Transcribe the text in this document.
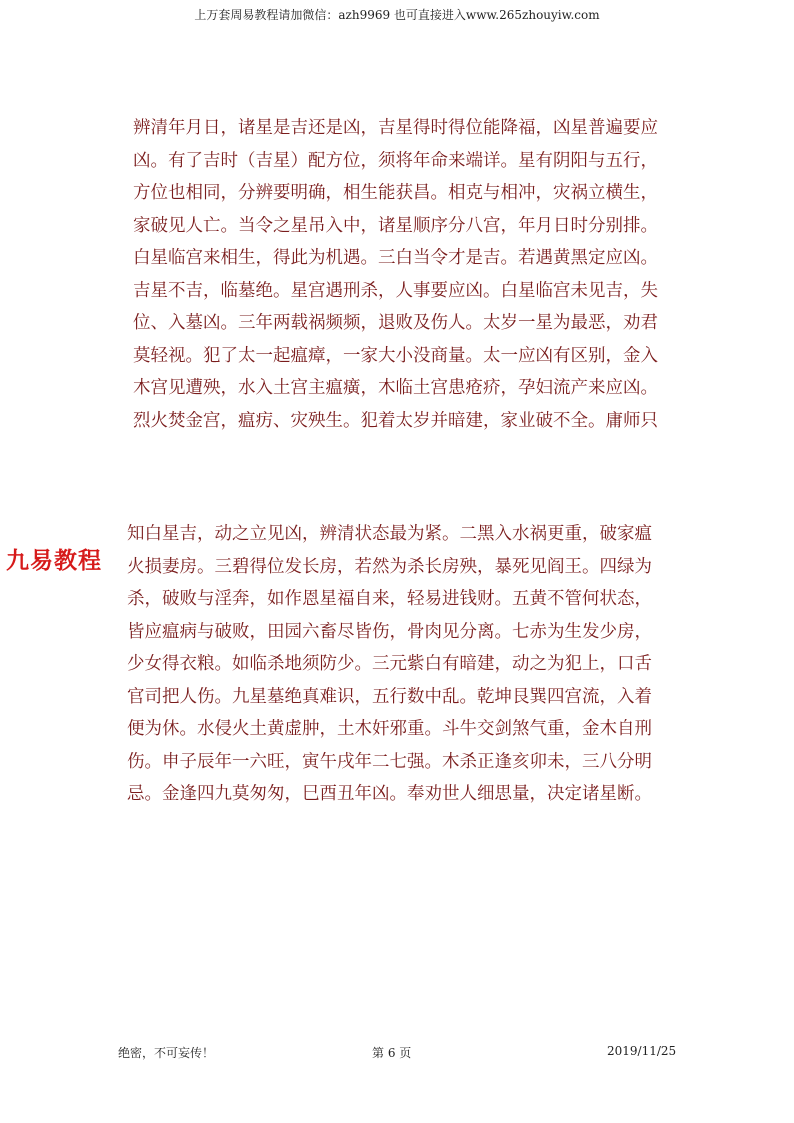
上万套周易教程请加微信：azh9969 也可直接进入www.265zhouyiw.com
九易教程
辨清年月日，诸星是吉还是凶，吉星得时得位能降福，凶星普遍要应
凶。有了吉时（吉星）配方位，须将年命来端详。星有阴阳与五行，
方位也相同，分辨要明确，相生能获昌。相克与相冲，灾祸立横生，
家破见人亡。当令之星吊入中，诸星顺序分八宫，年月日时分别排。
白星临宫来相生，得此为机遇。三白当令才是吉。若遇黄黑定应凶。
吉星不吉，临墓绝。星宫遇刑杀，人事要应凶。白星临宫未见吉，失
位、入墓凶。三年两载祸频频，退败及伤人。太岁一星为最恶，劝君
莫轻视。犯了太一起瘟瘴，一家大小没商量。太一应凶有区别，金入
木宫见遭殃，水入土宫主瘟癀，木临土宫患疮疥，孕妇流产来应凶。
烈火焚金宫，瘟疠、灾殃生。犯着太岁并暗建，家业破不全。庸师只
知白星吉，动之立见凶，辨清状态最为紧。二黑入水祸更重，破家瘟
火损妻房。三碧得位发长房，若然为杀长房殃，暴死见阎王。四绿为
杀，破败与淫奔，如作恩星福自来，轻易进钱财。五黄不管何状态，
皆应瘟病与破败，田园六畜尽皆伤，骨肉见分离。七赤为生发少房，
少女得衣粮。如临杀地须防少。三元紫白有暗建，动之为犯上，口舌
官司把人伤。九星墓绝真难识，五行数中乱。乾坤艮巽四宫流，入着
便为休。水侵火土黄虚肿，土木奸邪重。斗牛交剑煞气重，金木自刑
伤。申子辰年一六旺，寅午戌年二七强。木杀正逢亥卯未，三八分明
忌。金逢四九莫匆匆，巳酉丑年凶。奉劝世人细思量，决定诸星断。
绝密，不可妄传！	第 6 页	2019/11/25
